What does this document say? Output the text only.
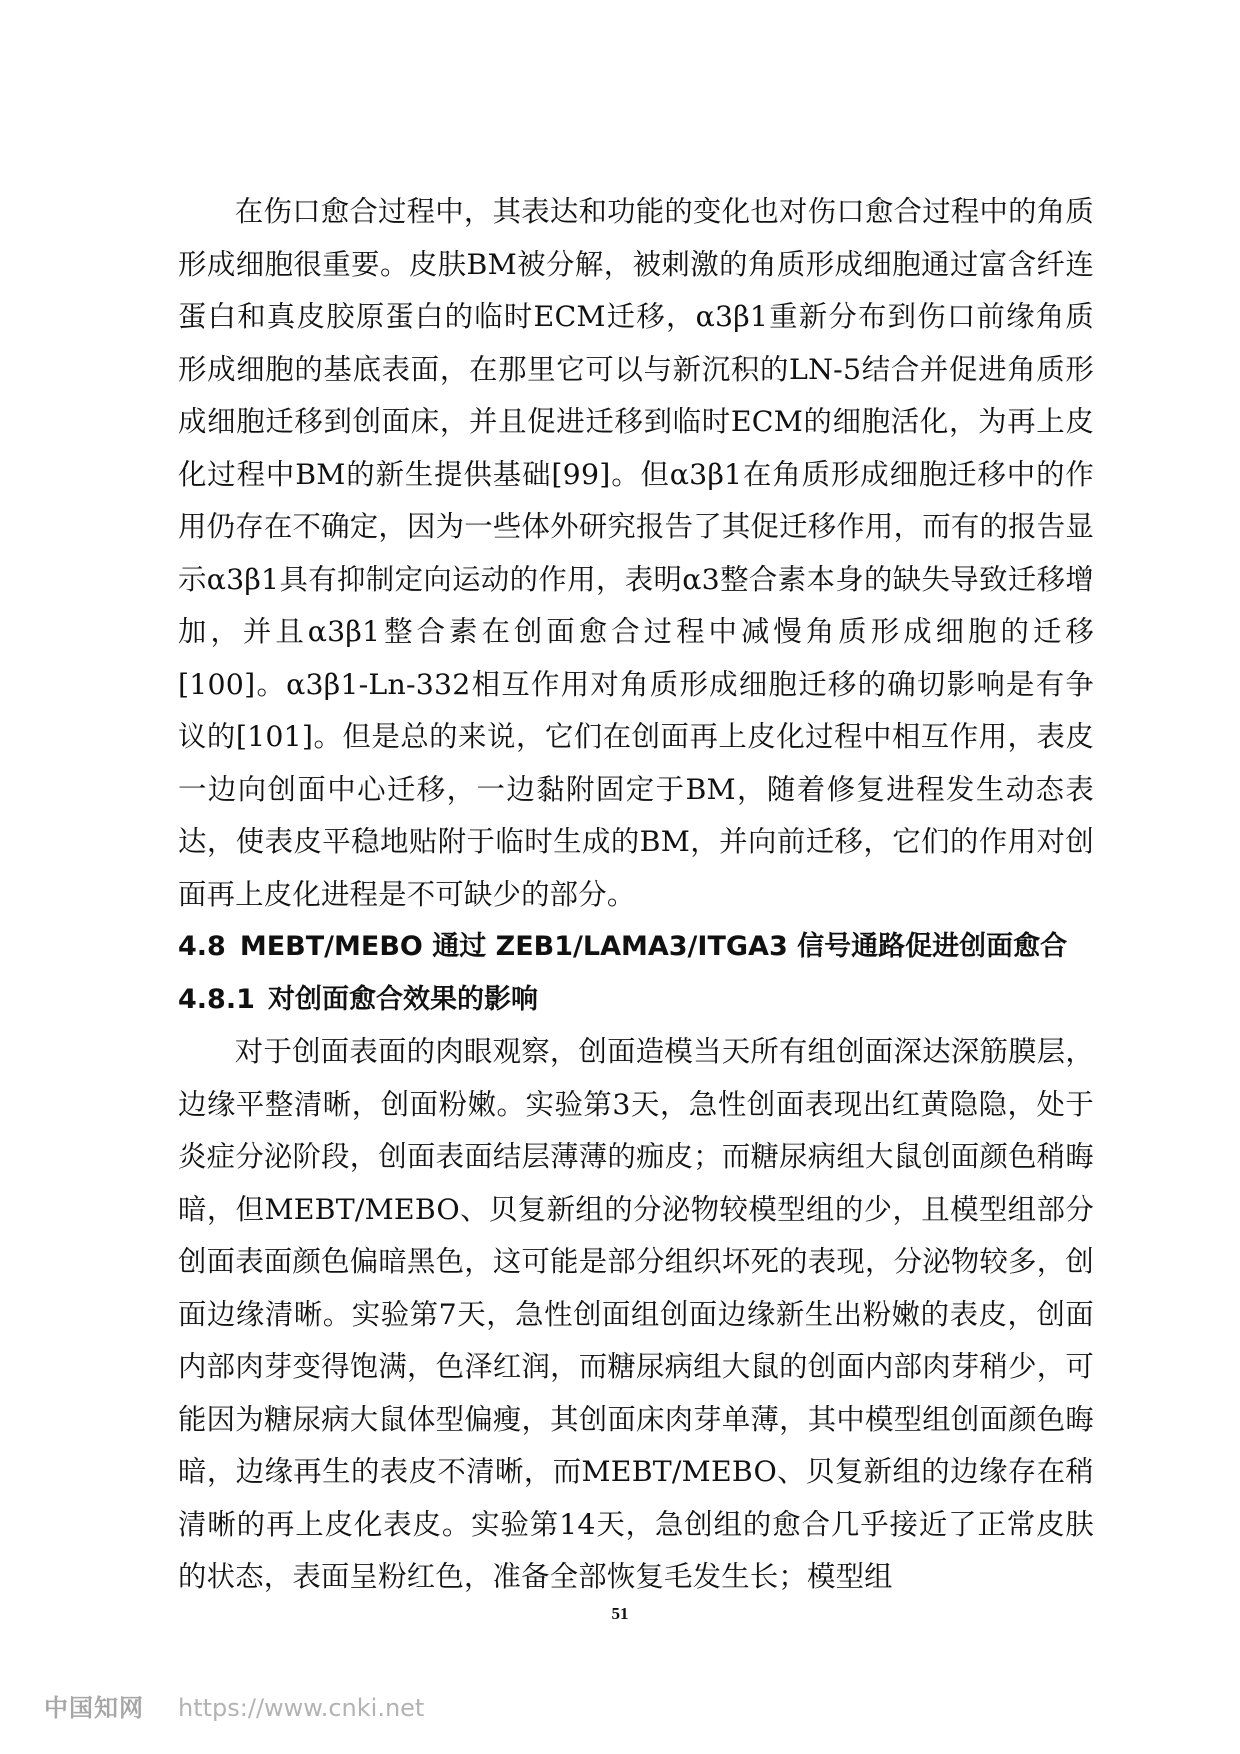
在伤口愈合过程中，其表达和功能的变化也对伤口愈合过程中的角质形成细胞很重要。皮肤BM被分解，被刺激的角质形成细胞通过富含纤连蛋白和真皮胶原蛋白的临时ECM迁移，α3β1重新分布到伤口前缘角质形成细胞的基底表面，在那里它可以与新沉积的LN-5结合并促进角质形成细胞迁移到创面床，并且促进迁移到临时ECM的细胞活化，为再上皮化过程中BM的新生提供基础[99]。但α3β1在角质形成细胞迁移中的作用仍存在不确定，因为一些体外研究报告了其促迁移作用，而有的报告显示α3β1具有抑制定向运动的作用，表明α3整合素本身的缺失导致迁移增加，并且α3β1整合素在创面愈合过程中减慢角质形成细胞的迁移[100]。α3β1-Ln-332相互作用对角质形成细胞迁移的确切影响是有争议的[101]。但是总的来说，它们在创面再上皮化过程中相互作用，表皮一边向创面中心迁移，一边黏附固定于BM，随着修复进程发生动态表达，使表皮平稳地贴附于临时生成的BM，并向前迁移，它们的作用对创面再上皮化进程是不可缺少的部分。

4.8 MEBT/MEBO 通过 ZEB1/LAMA3/ITGA3 信号通路促进创面愈合
4.8.1 对创面愈合效果的影响

对于创面表面的肉眼观察，创面造模当天所有组创面深达深筋膜层，边缘平整清晰，创面粉嫩。实验第3天，急性创面表现出红黄隐隐，处于炎症分泌阶段，创面表面结层薄薄的痂皮；而糖尿病组大鼠创面颜色稍晦暗，但MEBT/MEBO、贝复新组的分泌物较模型组的少，且模型组部分创面表面颜色偏暗黑色，这可能是部分组织坏死的表现，分泌物较多，创面边缘清晰。实验第7天，急性创面组创面边缘新生出粉嫩的表皮，创面内部肉芽变得饱满，色泽红润，而糖尿病组大鼠的创面内部肉芽稍少，可能因为糖尿病大鼠体型偏瘦，其创面床肉芽单薄，其中模型组创面颜色晦暗，边缘再生的表皮不清晰，而MEBT/MEBO、贝复新组的边缘存在稍清晰的再上皮化表皮。实验第14天，急创组的愈合几乎接近了正常皮肤的状态，表面呈粉红色，准备全部恢复毛发生长；模型组

51
中国知网 https://www.cnki.net
